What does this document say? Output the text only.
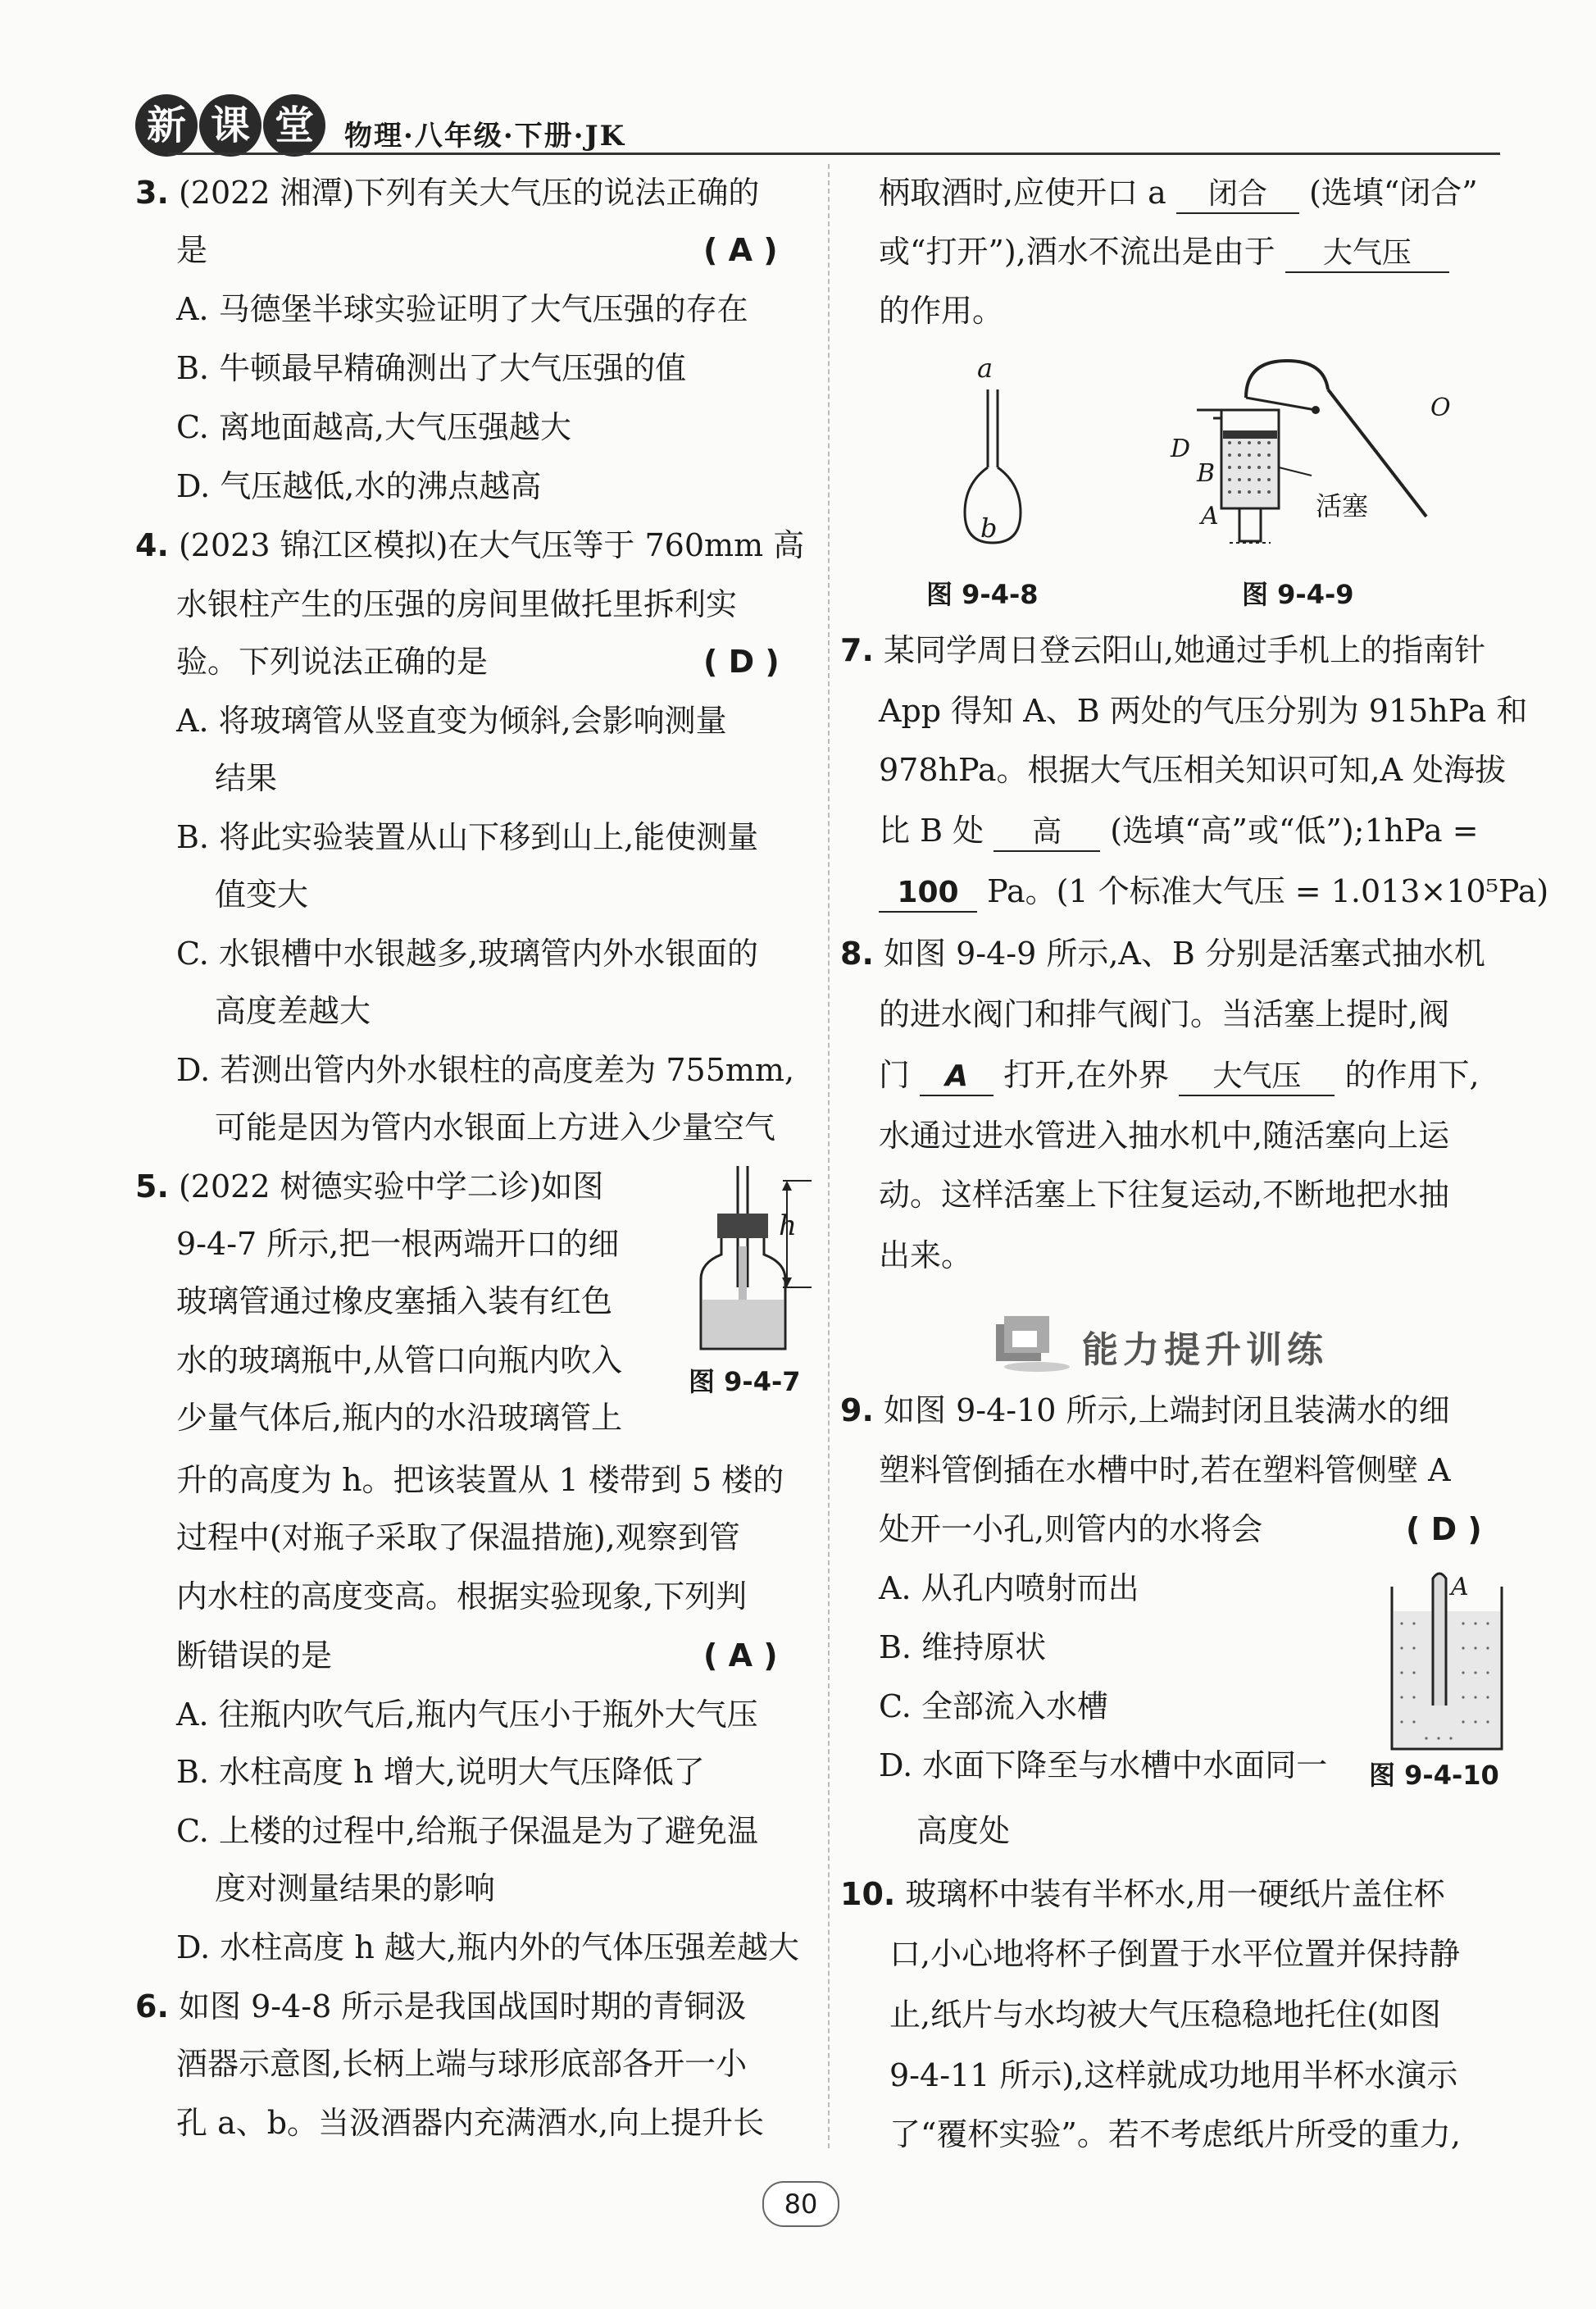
新 课 堂	物理·八年级·下册·JK
3. (2022 湘潭)下列有关大气压的说法正确的
是	( A )
A. 马德堡半球实验证明了大气压强的存在
B. 牛顿最早精确测出了大气压强的值
C. 离地面越高,大气压强越大
D. 气压越低,水的沸点越高
4. (2023 锦江区模拟)在大气压等于 760mm 高
水银柱产生的压强的房间里做托里拆利实
验。下列说法正确的是	( D )
A. 将玻璃管从竖直变为倾斜,会影响测量
结果
B. 将此实验装置从山下移到山上,能使测量
值变大
C. 水银槽中水银越多,玻璃管内外水银面的
高度差越大
D. 若测出管内外水银柱的高度差为 755mm,
可能是因为管内水银面上方进入少量空气
5. (2022 树德实验中学二诊)如图
9-4-7 所示,把一根两端开口的细
玻璃管通过橡皮塞插入装有红色
水的玻璃瓶中,从管口向瓶内吹入
少量气体后,瓶内的水沿玻璃管上
升的高度为 h。把该装置从 1 楼带到 5 楼的
过程中(对瓶子采取了保温措施),观察到管
内水柱的高度变高。根据实验现象,下列判
断错误的是	( A )
A. 往瓶内吹气后,瓶内气压小于瓶外大气压
B. 水柱高度 h 增大,说明大气压降低了
C. 上楼的过程中,给瓶子保温是为了避免温
度对测量结果的影响
D. 水柱高度 h 越大,瓶内外的气体压强差越大
h
图 9-4-7
6. 如图 9-4-8 所示是我国战国时期的青铜汲
酒器示意图,长柄上端与球形底部各开一小
孔 a、b。当汲酒器内充满酒水,向上提升长
柄取酒时,应使开口 a 闭合 (选填“闭合”
或“打开”),酒水不流出是由于 大气压
的作用。
a
b
图 9-4-8
O
D
B
A	活塞
图 9-4-9
7. 某同学周日登云阳山,她通过手机上的指南针
App 得知 A、B 两处的气压分别为 915hPa 和
978hPa。根据大气压相关知识可知,A 处海拔
比 B 处 高 (选填“高”或“低”);1hPa =
100 Pa。(1 个标准大气压 = 1.013×10⁵Pa)
8. 如图 9-4-9 所示,A、B 分别是活塞式抽水机
的进水阀门和排气阀门。当活塞上提时,阀
门 A 打开,在外界 大气压 的作用下,
水通过进水管进入抽水机中,随活塞向上运
动。这样活塞上下往复运动,不断地把水抽
出来。
能力提升训练
9. 如图 9-4-10 所示,上端封闭且装满水的细
塑料管倒插在水槽中时,若在塑料管侧壁 A
处开一小孔,则管内的水将会	( D )
A. 从孔内喷射而出
B. 维持原状
C. 全部流入水槽
D. 水面下降至与水槽中水面同一
高度处
A
图 9-4-10
10. 玻璃杯中装有半杯水,用一硬纸片盖住杯
口,小心地将杯子倒置于水平位置并保持静
止,纸片与水均被大气压稳稳地托住(如图
9-4-11 所示),这样就成功地用半杯水演示
了“覆杯实验”。若不考虑纸片所受的重力,
80
